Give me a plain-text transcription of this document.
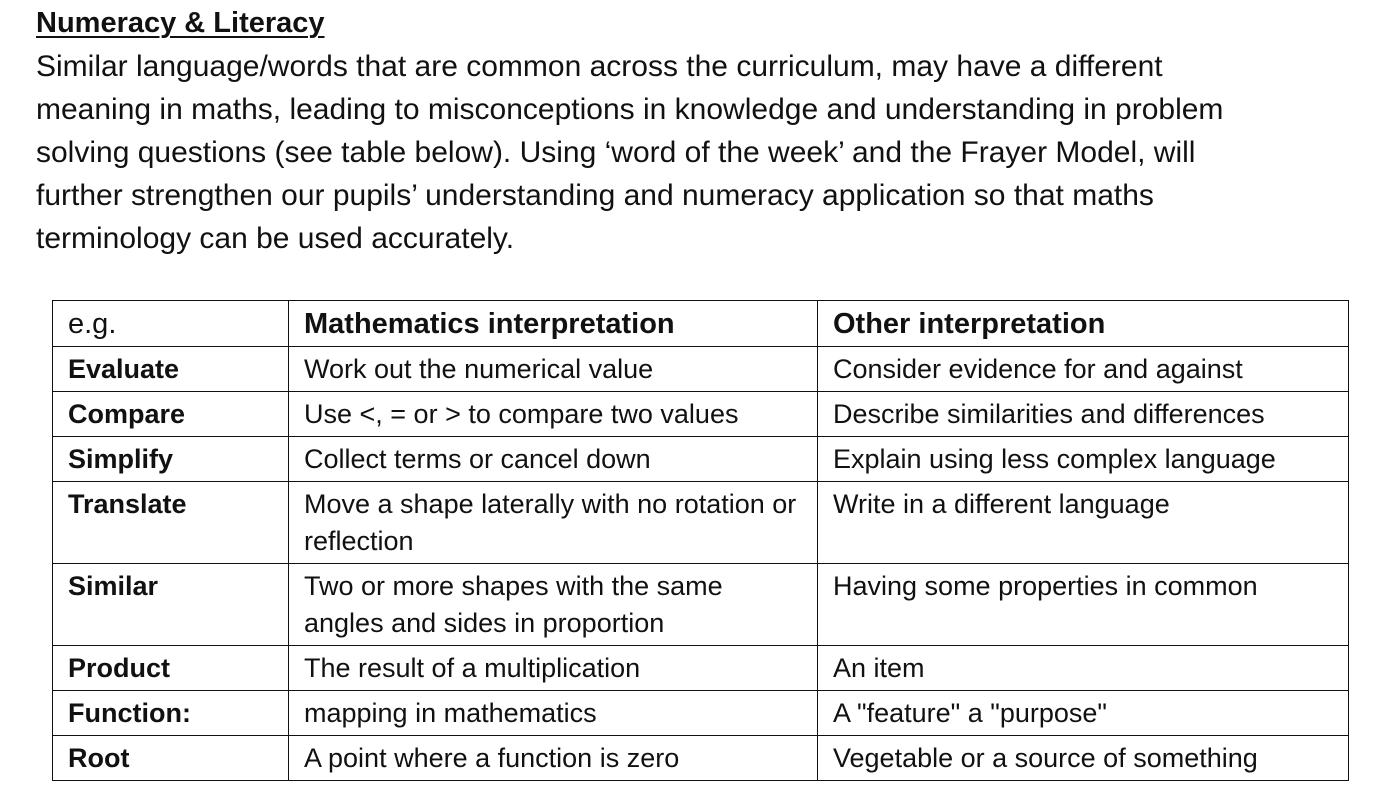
Numeracy & Literacy

Similar language/words that are common across the curriculum, may have a different
meaning in maths, leading to misconceptions in knowledge and understanding in problem
solving questions (see table below). Using ‘word of the week’ and the Frayer Model, will
further strengthen our pupils’ understanding and numeracy application so that maths
terminology can be used accurately.

e.g.	Mathematics interpretation	Other interpretation
Evaluate	Work out the numerical value	Consider evidence for and against
Compare	Use <, = or > to compare two values	Describe similarities and differences
Simplify	Collect terms or cancel down	Explain using less complex language
Translate	Move a shape laterally with no rotation or reflection	Write in a different language
Similar	Two or more shapes with the same angles and sides in proportion	Having some properties in common
Product	The result of a multiplication	An item
Function:	mapping in mathematics	A "feature" a "purpose"
Root	A point where a function is zero	Vegetable or a source of something
